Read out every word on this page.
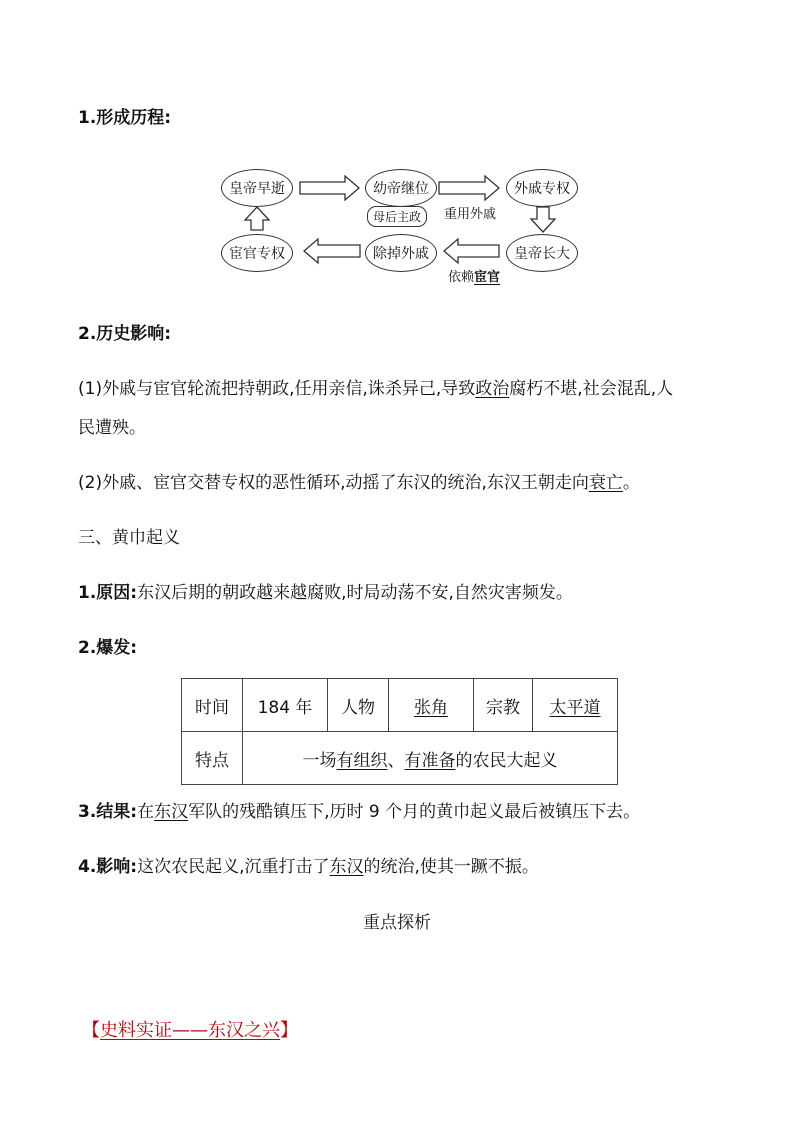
1.形成历程:
皇帝早逝	幼帝继位	外戚专权
皇帝长大
除掉外戚
宦官专权
母后主政	重用外戚
依赖宦官
2.历史影响:
(1)外戚与宦官轮流把持朝政,任用亲信,诛杀异己,导致政治腐朽不堪,社会混乱,人
民遭殃。
(2)外戚、宦官交替专权的恶性循环,动摇了东汉的统治,东汉王朝走向衰亡。
三、黄巾起义
1.原因:东汉后期的朝政越来越腐败,时局动荡不安,自然灾害频发。
2.爆发:
时间	184 年	人物	张角	宗教	太平道
特点	一场有组织、有准备的农民大起义				
3.结果:在东汉军队的残酷镇压下,历时 9 个月的黄巾起义最后被镇压下去。
4.影响:这次农民起义,沉重打击了东汉的统治,使其一蹶不振。
重点探析
【史料实证——东汉之兴】
